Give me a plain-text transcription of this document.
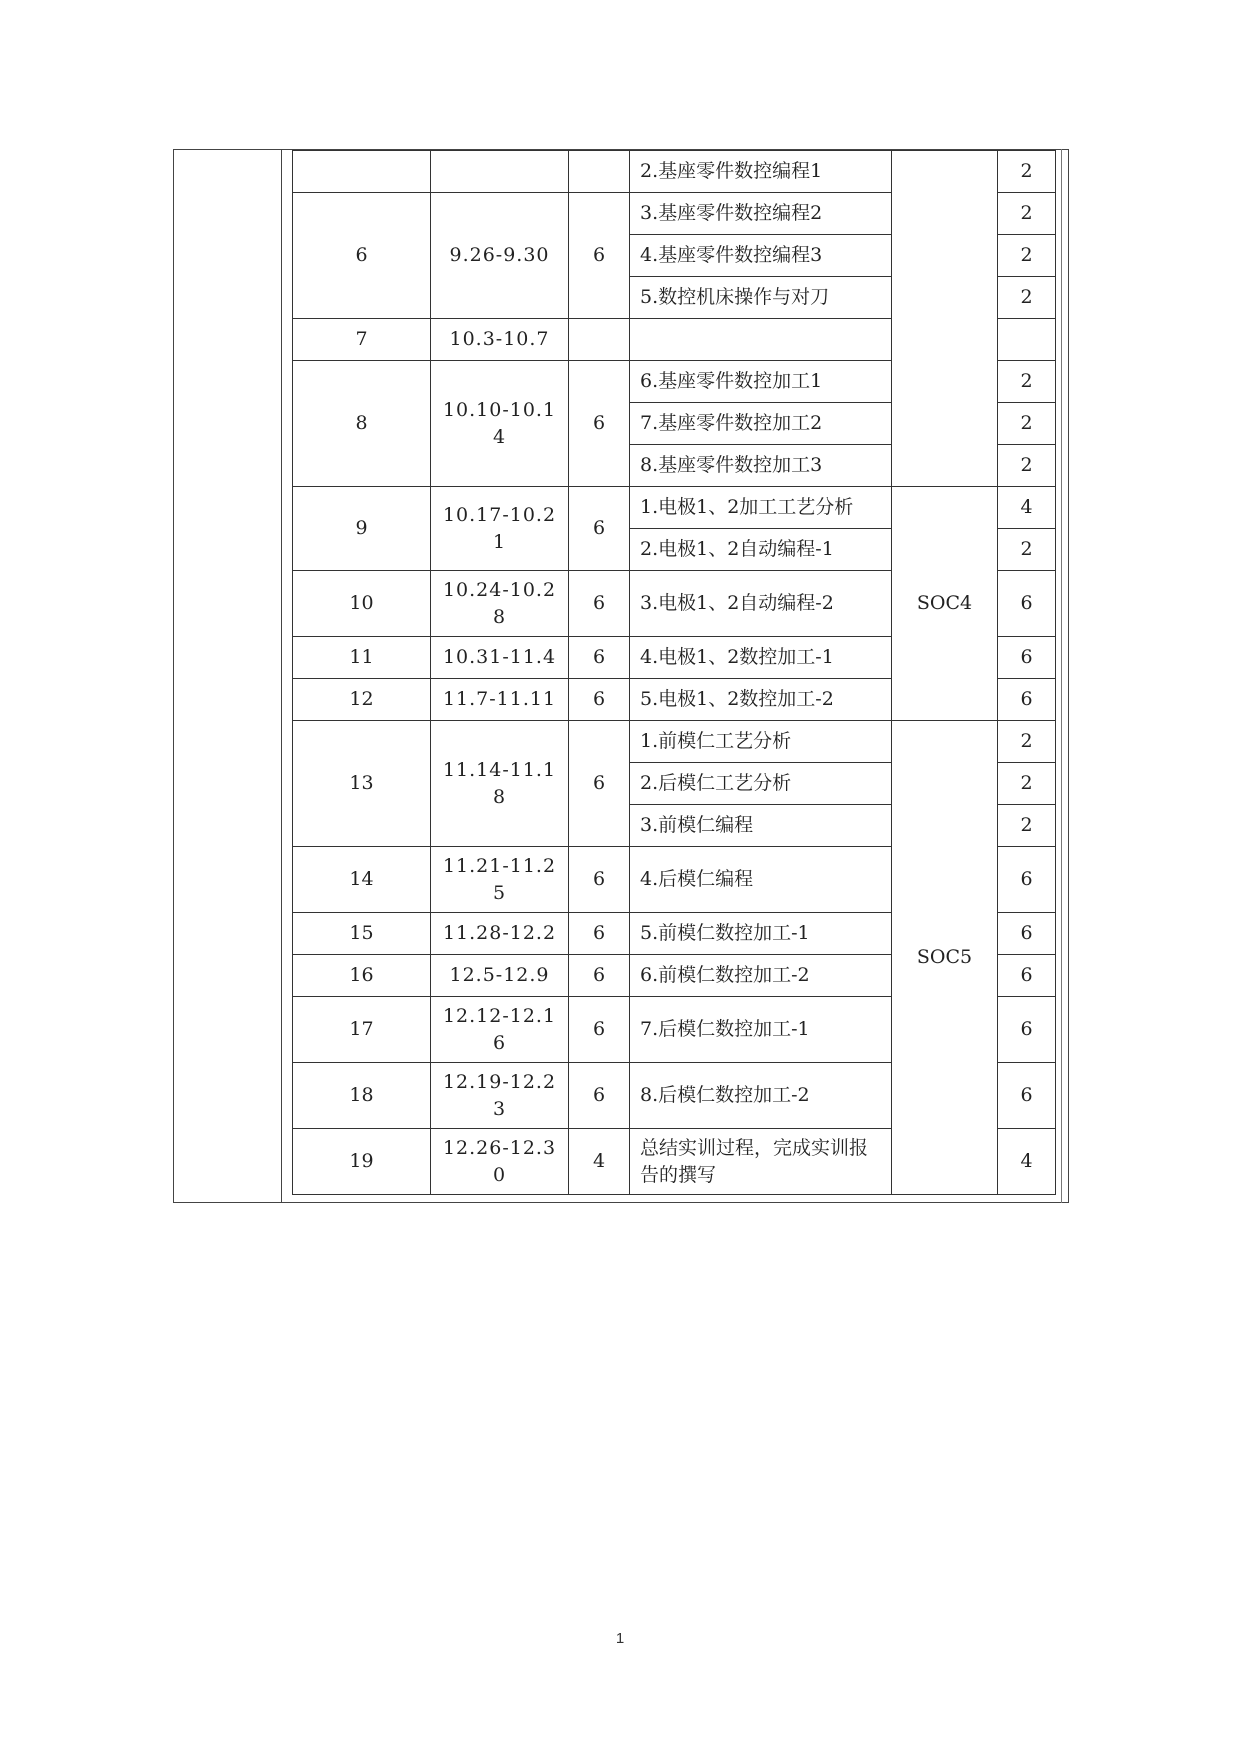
			2.基座零件数控编程1		2
6	9.26-9.30	6	3.基座零件数控编程2		2
			4.基座零件数控编程3		2
			5.数控机床操作与对刀		2
7	10.3-10.7				
8	10.10-10.14	6	6.基座零件数控加工1		2
			7.基座零件数控加工2		2
			8.基座零件数控加工3		2
9	10.17-10.21	6	1.电极1、2加工工艺分析	SOC4	4
			2.电极1、2自动编程-1		2
10	10.24-10.28	6	3.电极1、2自动编程-2		6
11	10.31-11.4	6	4.电极1、2数控加工-1		6
12	11.7-11.11	6	5.电极1、2数控加工-2		6
13	11.14-11.18	6	1.前模仁工艺分析	SOC5	2
			2.后模仁工艺分析		2
			3.前模仁编程		2
14	11.21-11.25	6	4.后模仁编程		6
15	11.28-12.2	6	5.前模仁数控加工-1		6
16	12.5-12.9	6	6.前模仁数控加工-2		6
17	12.12-12.16	6	7.后模仁数控加工-1		6
18	12.19-12.23	6	8.后模仁数控加工-2		6
19	12.26-12.30	4	总结实训过程，完成实训报告的撰写		4
1
